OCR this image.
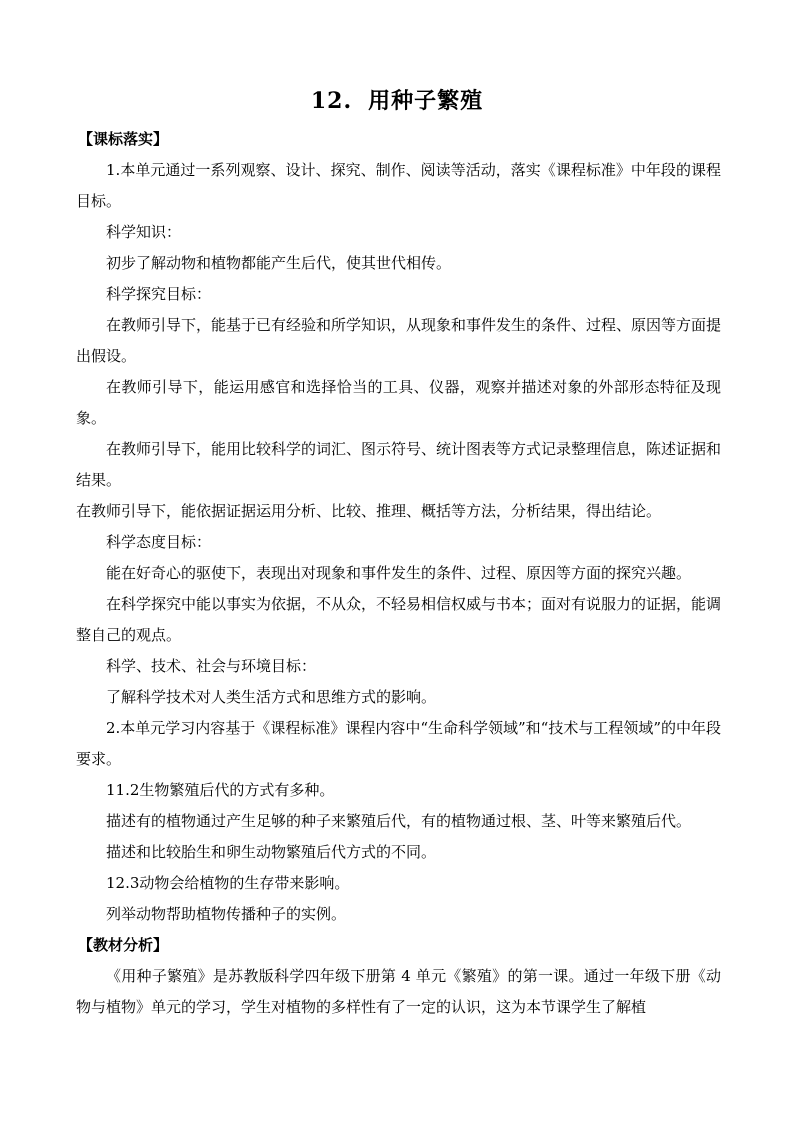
12. 用种子繁殖
【课标落实】

1.本单元通过一系列观察、设计、探究、制作、阅读等活动，落实《课程标准》中年段的课程目标。

科学知识：

初步了解动物和植物都能产生后代，使其世代相传。

科学探究目标：

在教师引导下，能基于已有经验和所学知识，从现象和事件发生的条件、过程、原因等方面提出假设。

在教师引导下，能运用感官和选择恰当的工具、仪器，观察并描述对象的外部形态特征及现象。

在教师引导下，能用比较科学的词汇、图示符号、统计图表等方式记录整理信息，陈述证据和结果。

在教师引导下，能依据证据运用分析、比较、推理、概括等方法，分析结果，得出结论。

科学态度目标：

能在好奇心的驱使下，表现出对现象和事件发生的条件、过程、原因等方面的探究兴趣。

在科学探究中能以事实为依据，不从众，不轻易相信权威与书本；面对有说服力的证据，能调整自己的观点。

科学、技术、社会与环境目标：

了解科学技术对人类生活方式和思维方式的影响。

2.本单元学习内容基于《课程标准》课程内容中“生命科学领域”和“技术与工程领域”的中年段要求。

11.2生物繁殖后代的方式有多种。

描述有的植物通过产生足够的种子来繁殖后代，有的植物通过根、茎、叶等来繁殖后代。

描述和比较胎生和卵生动物繁殖后代方式的不同。

12.3动物会给植物的生存带来影响。

列举动物帮助植物传播种子的实例。

【教材分析】

《用种子繁殖》是苏教版科学四年级下册第 4 单元《繁殖》的第一课。通过一年级下册《动物与植物》单元的学习，学生对植物的多样性有了一定的认识，这为本节课学生了解植
